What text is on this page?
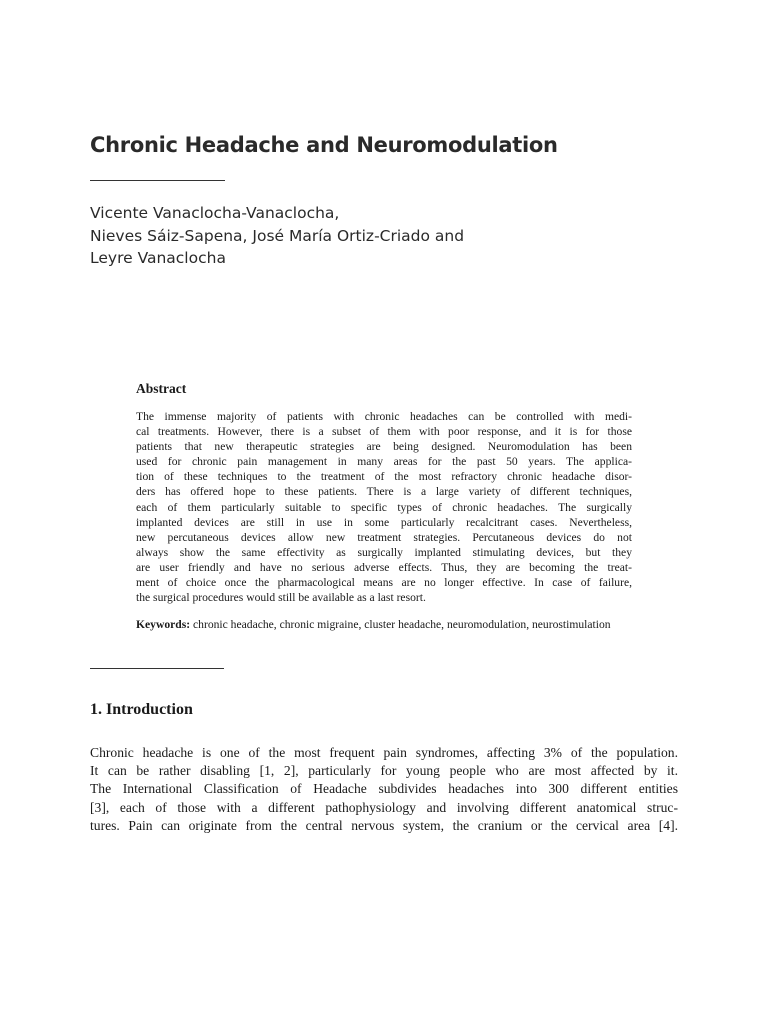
Chronic Headache and Neuromodulation
Vicente Vanaclocha-Vanaclocha,
Nieves Sáiz-Sapena, José María Ortiz-Criado and
Leyre Vanaclocha
Abstract
The immense majority of patients with chronic headaches can be controlled with medi-
cal treatments. However, there is a subset of them with poor response, and it is for those
patients that new therapeutic strategies are being designed. Neuromodulation has been
used for chronic pain management in many areas for the past 50 years. The applica-
tion of these techniques to the treatment of the most refractory chronic headache disor-
ders has offered hope to these patients. There is a large variety of different techniques,
each of them particularly suitable to specific types of chronic headaches. The surgically
implanted devices are still in use in some particularly recalcitrant cases. Nevertheless,
new percutaneous devices allow new treatment strategies. Percutaneous devices do not
always show the same effectivity as surgically implanted stimulating devices, but they
are user friendly and have no serious adverse effects. Thus, they are becoming the treat-
ment of choice once the pharmacological means are no longer effective. In case of failure,
the surgical procedures would still be available as a last resort.
Keywords: chronic headache, chronic migraine, cluster headache, neuromodulation, neurostimulation
1. Introduction
Chronic headache is one of the most frequent pain syndromes, affecting 3% of the population.
It can be rather disabling [1, 2], particularly for young people who are most affected by it.
The International Classification of Headache subdivides headaches into 300 different entities
[3], each of those with a different pathophysiology and involving different anatomical struc-
tures. Pain can originate from the central nervous system, the cranium or the cervical area [4].
